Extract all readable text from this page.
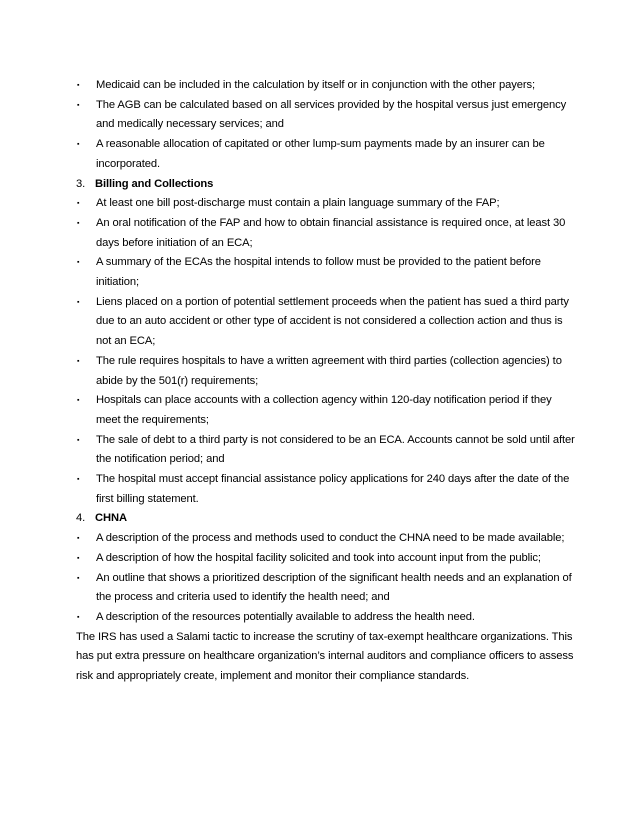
▪	Medicaid can be included in the calculation by itself or in conjunction with the other payers;
▪	The AGB can be calculated based on all services provided by the hospital versus just emergency and medically necessary services; and
▪	A reasonable allocation of capitated or other lump-sum payments made by an insurer can be incorporated.
3. Billing and Collections
▪	At least one bill post-discharge must contain a plain language summary of the FAP;
▪	An oral notification of the FAP and how to obtain financial assistance is required once, at least 30 days before initiation of an ECA;
▪	A summary of the ECAs the hospital intends to follow must be provided to the patient before initiation;
▪	Liens placed on a portion of potential settlement proceeds when the patient has sued a third party due to an auto accident or other type of accident is not considered a collection action and thus is not an ECA;
▪	The rule requires hospitals to have a written agreement with third parties (collection agencies) to abide by the 501(r) requirements;
▪	Hospitals can place accounts with a collection agency within 120-day notification period if they meet the requirements;
▪	The sale of debt to a third party is not considered to be an ECA. Accounts cannot be sold until after the notification period; and
▪	The hospital must accept financial assistance policy applications for 240 days after the date of the first billing statement.
4. CHNA
▪	A description of the process and methods used to conduct the CHNA need to be made available;
▪	A description of how the hospital facility solicited and took into account input from the public;
▪	An outline that shows a prioritized description of the significant health needs and an explanation of the process and criteria used to identify the health need; and
▪	A description of the resources potentially available to address the health need.

The IRS has used a Salami tactic to increase the scrutiny of tax-exempt healthcare organizations. This has put extra pressure on healthcare organization’s internal auditors and compliance officers to assess risk and appropriately create, implement and monitor their compliance standards.
